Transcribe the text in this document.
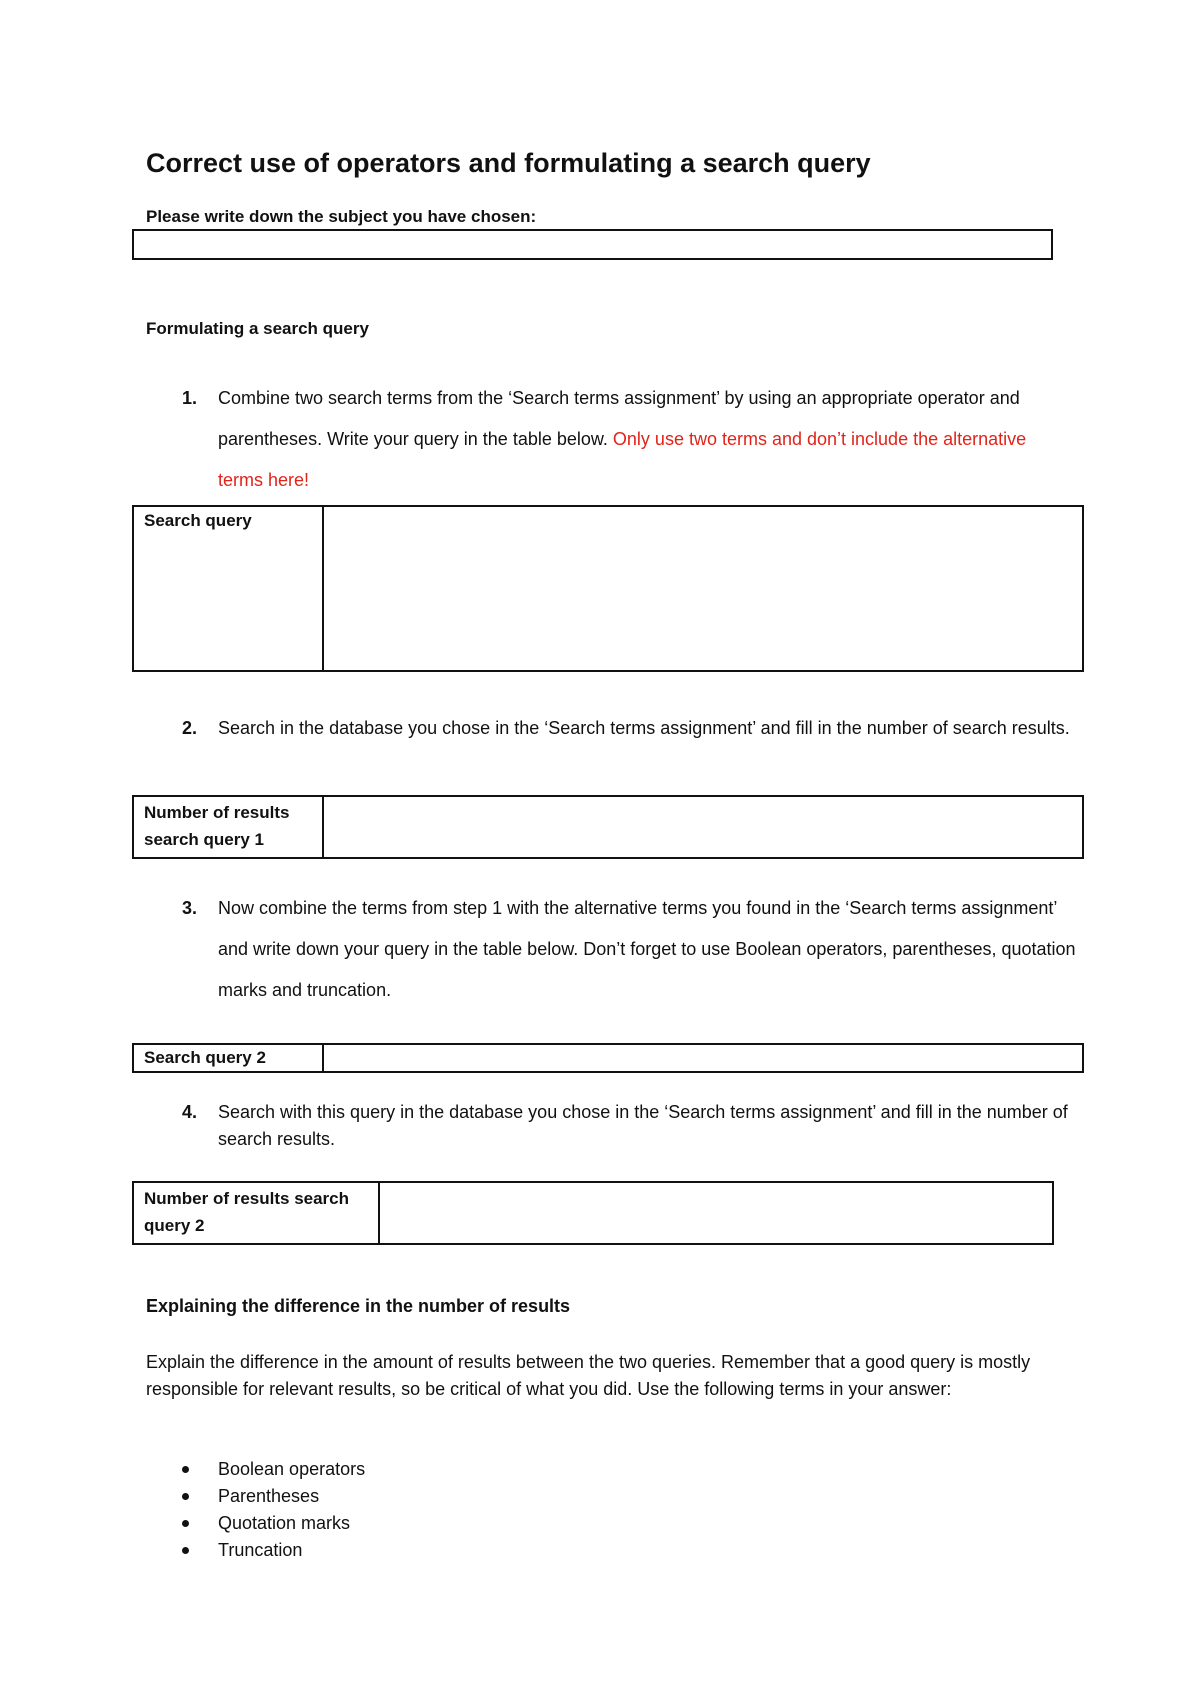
Correct use of operators and formulating a search query
Please write down the subject you have chosen:
Formulating a search query
1. Combine two search terms from the ‘Search terms assignment’ by using an appropriate operator and parentheses. Write your query in the table below. Only use two terms and don’t include the alternative terms here!
Search query	
2. Search in the database you chose in the ‘Search terms assignment’ and fill in the number of search results.
Number of results search query 1	
3. Now combine the terms from step 1 with the alternative terms you found in the ‘Search terms assignment’ and write down your query in the table below. Don’t forget to use Boolean operators, parentheses, quotation marks and truncation.
Search query 2	
4. Search with this query in the database you chose in the ‘Search terms assignment’ and fill in the number of search results.
Number of results search query 2	
Explaining the difference in the number of results
Explain the difference in the amount of results between the two queries. Remember that a good query is mostly responsible for relevant results, so be critical of what you did. Use the following terms in your answer:
Boolean operators
Parentheses
Quotation marks
Truncation
